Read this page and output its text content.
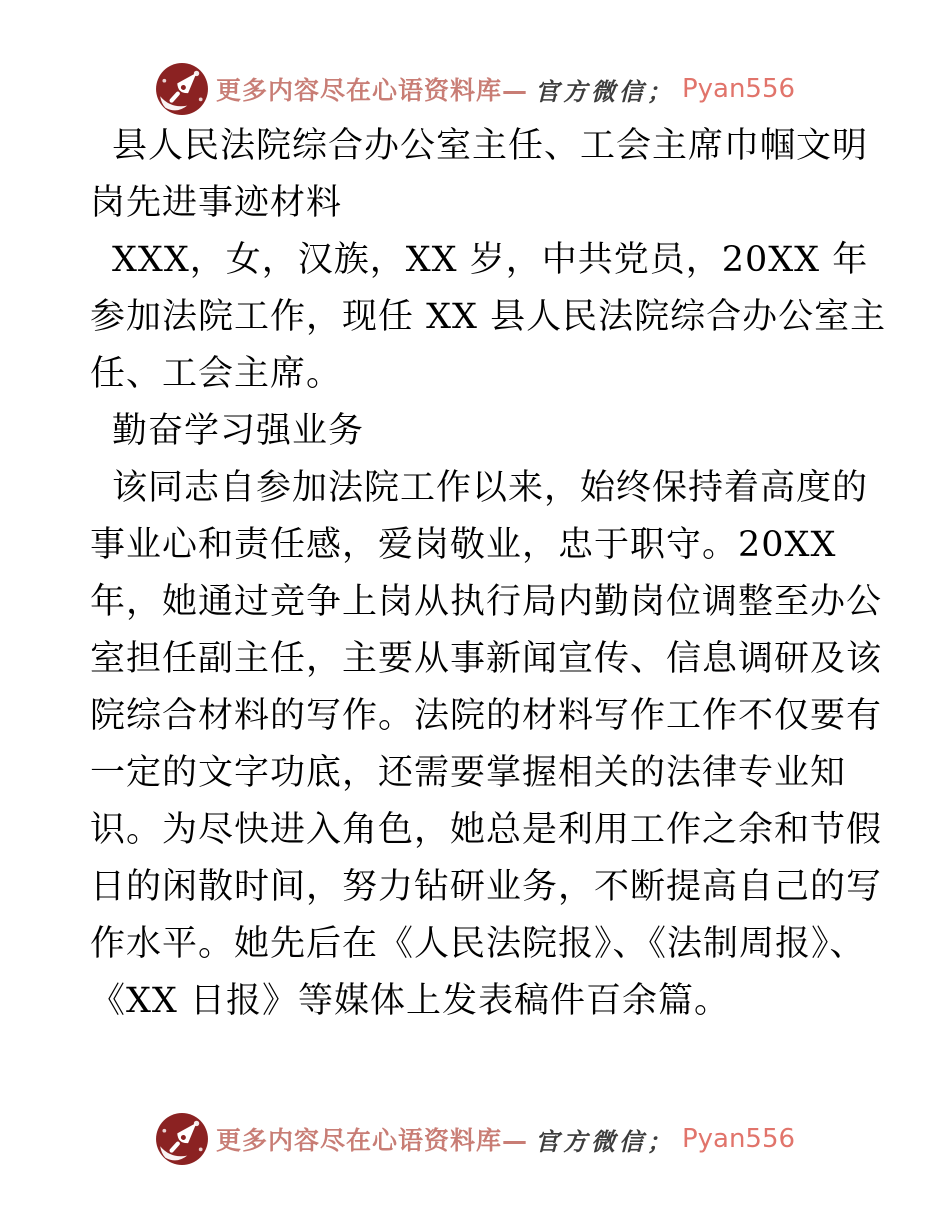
更多内容尽在心语资料库— 官方微信； Pyan556
县人民法院综合办公室主任、工会主席巾帼文明岗先进事迹材料

XXX，女，汉族，XX 岁，中共党员，20XX 年参加法院工作，现任 XX 县人民法院综合办公室主任、工会主席。

勤奋学习强业务

该同志自参加法院工作以来，始终保持着高度的事业心和责任感，爱岗敬业，忠于职守。20XX 年，她通过竞争上岗从执行局内勤岗位调整至办公室担任副主任，主要从事新闻宣传、信息调研及该院综合材料的写作。法院的材料写作工作不仅要有一定的文字功底，还需要掌握相关的法律专业知识。为尽快进入角色，她总是利用工作之余和节假日的闲散时间，努力钻研业务，不断提高自己的写作水平。她先后在《人民法院报》、《法制周报》、《XX 日报》等媒体上发表稿件百余篇。

更多内容尽在心语资料库— 官方微信； Pyan556
